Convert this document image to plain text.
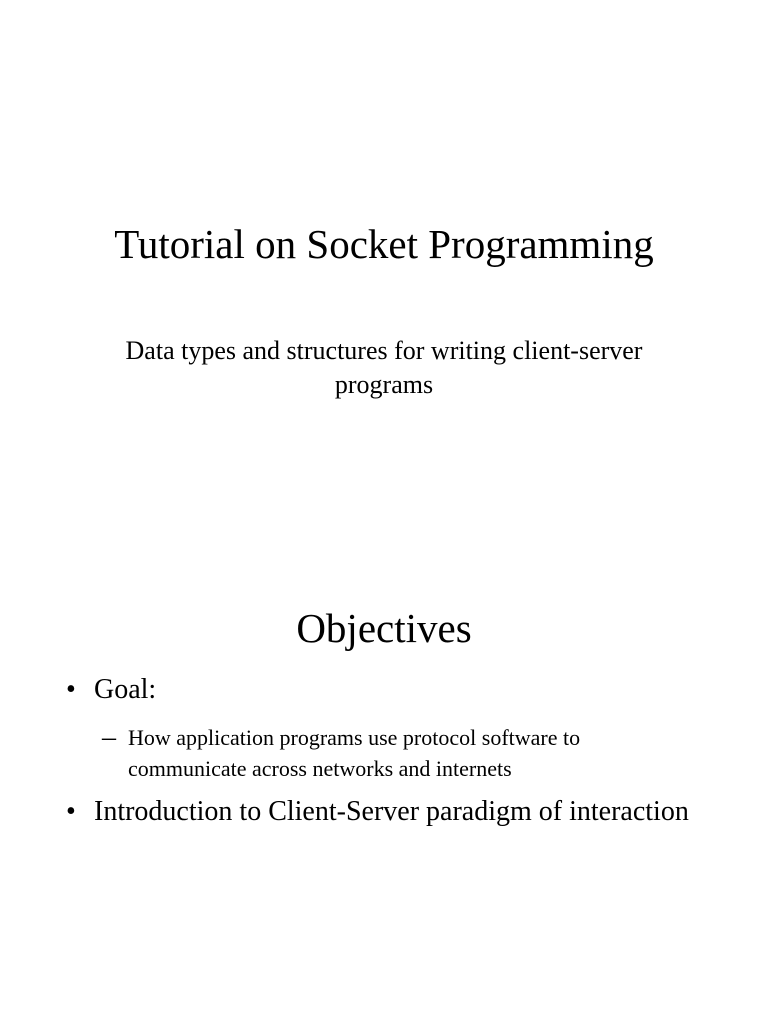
Tutorial on Socket Programming

Data types and structures for writing client-server programs

Objectives
• Goal:
– How application programs use protocol software to communicate across networks and internets
• Introduction to Client-Server paradigm of interaction
